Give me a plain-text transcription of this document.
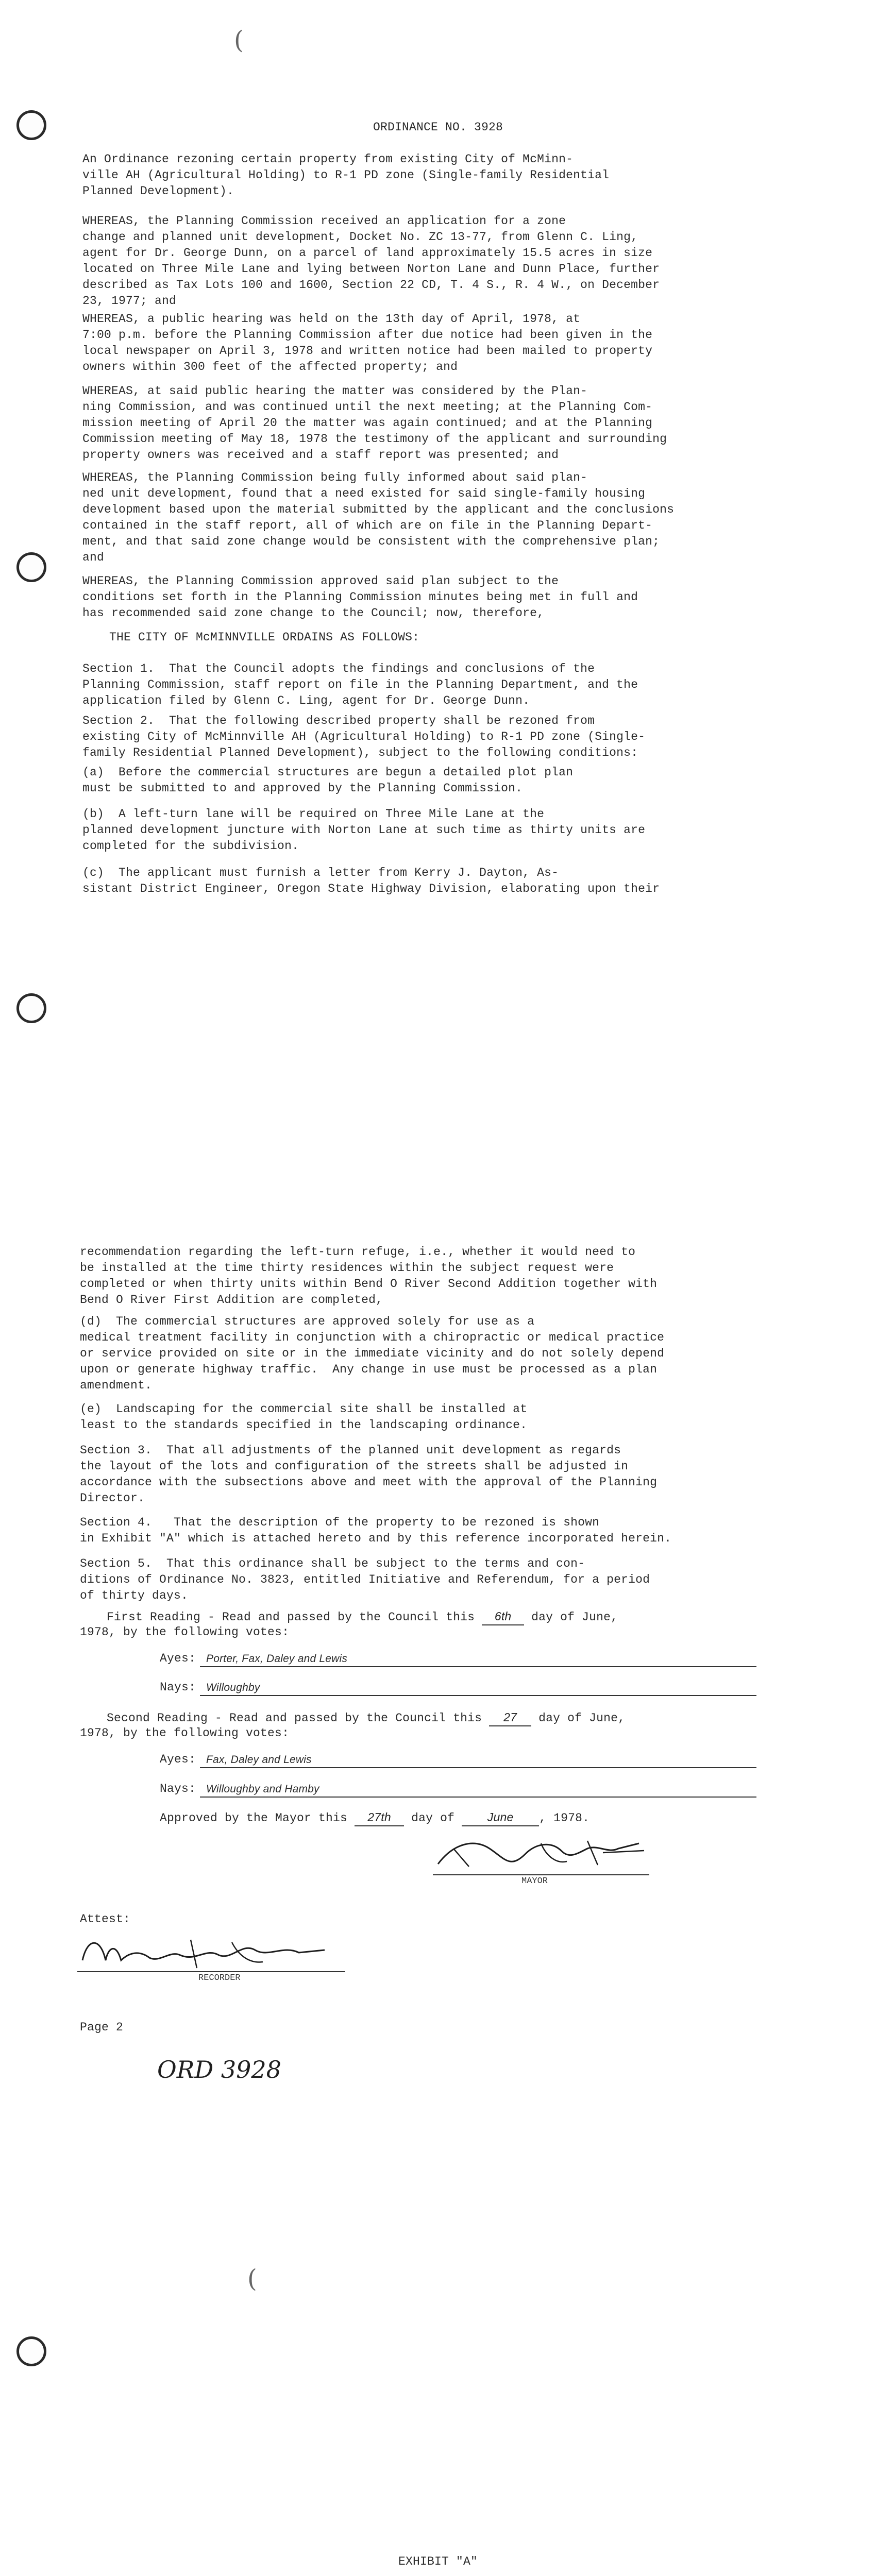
(
ORDINANCE NO. 3928
An Ordinance rezoning certain property from existing City of McMinn-
ville AH (Agricultural Holding) to R-1 PD zone (Single-family Residential
Planned Development).
WHEREAS, the Planning Commission received an application for a zone
change and planned unit development, Docket No. ZC 13-77, from Glenn C. Ling,
agent for Dr. George Dunn, on a parcel of land approximately 15.5 acres in size
located on Three Mile Lane and lying between Norton Lane and Dunn Place, further
described as Tax Lots 100 and 1600, Section 22 CD, T. 4 S., R. 4 W., on December
23, 1977; and
WHEREAS, a public hearing was held on the 13th day of April, 1978, at
7:00 p.m. before the Planning Commission after due notice had been given in the
local newspaper on April 3, 1978 and written notice had been mailed to property
owners within 300 feet of the affected property; and
WHEREAS, at said public hearing the matter was considered by the Plan-
ning Commission, and was continued until the next meeting; at the Planning Com-
mission meeting of April 20 the matter was again continued; and at the Planning
Commission meeting of May 18, 1978 the testimony of the applicant and surrounding
property owners was received and a staff report was presented; and
WHEREAS, the Planning Commission being fully informed about said plan-
ned unit development, found that a need existed for said single-family housing
development based upon the material submitted by the applicant and the conclusions
contained in the staff report, all of which are on file in the Planning Depart-
ment, and that said zone change would be consistent with the comprehensive plan;
and
WHEREAS, the Planning Commission approved said plan subject to the
conditions set forth in the Planning Commission minutes being met in full and
has recommended said zone change to the Council; now, therefore,
THE CITY OF McMINNVILLE ORDAINS AS FOLLOWS:
Section 1.  That the Council adopts the findings and conclusions of the
Planning Commission, staff report on file in the Planning Department, and the
application filed by Glenn C. Ling, agent for Dr. George Dunn.
Section 2.  That the following described property shall be rezoned from
existing City of McMinnville AH (Agricultural Holding) to R-1 PD zone (Single-
family Residential Planned Development), subject to the following conditions:
(a)  Before the commercial structures are begun a detailed plot plan
must be submitted to and approved by the Planning Commission.
(b)  A left-turn lane will be required on Three Mile Lane at the
planned development juncture with Norton Lane at such time as thirty units are
completed for the subdivision.
(c)  The applicant must furnish a letter from Kerry J. Dayton, As-
sistant District Engineer, Oregon State Highway Division, elaborating upon their
recommendation regarding the left-turn refuge, i.e., whether it would need to
be installed at the time thirty residences within the subject request were
completed or when thirty units within Bend O River Second Addition together with
Bend O River First Addition are completed,
(d)  The commercial structures are approved solely for use as a
medical treatment facility in conjunction with a chiropractic or medical practice
or service provided on site or in the immediate vicinity and do not solely depend
upon or generate highway traffic.  Any change in use must be processed as a plan
amendment.
(e)  Landscaping for the commercial site shall be installed at
least to the standards specified in the landscaping ordinance.
Section 3.  That all adjustments of the planned unit development as regards
the layout of the lots and configuration of the streets shall be adjusted in
accordance with the subsections above and meet with the approval of the Planning
Director.
Section 4.   That the description of the property to be rezoned is shown
in Exhibit "A" which is attached hereto and by this reference incorporated herein.
Section 5.  That this ordinance shall be subject to the terms and con-
ditions of Ordinance No. 3823, entitled Initiative and Referendum, for a period
of thirty days.
First Reading - Read and passed by the Council this 6th day of June,
1978, by the following votes:
Ayes: Porter, Fax, Daley and Lewis
Nays: Willoughby
Second Reading - Read and passed by the Council this 27 day of June,
1978, by the following votes:
Ayes: Fax, Daley and Lewis
Nays: Willoughby and Hamby
Approved by the Mayor this 27th day of	June , 1978.
MAYOR
Attest:
RECORDER
Page 2
ORD 3928
(
EXHIBIT "A"
